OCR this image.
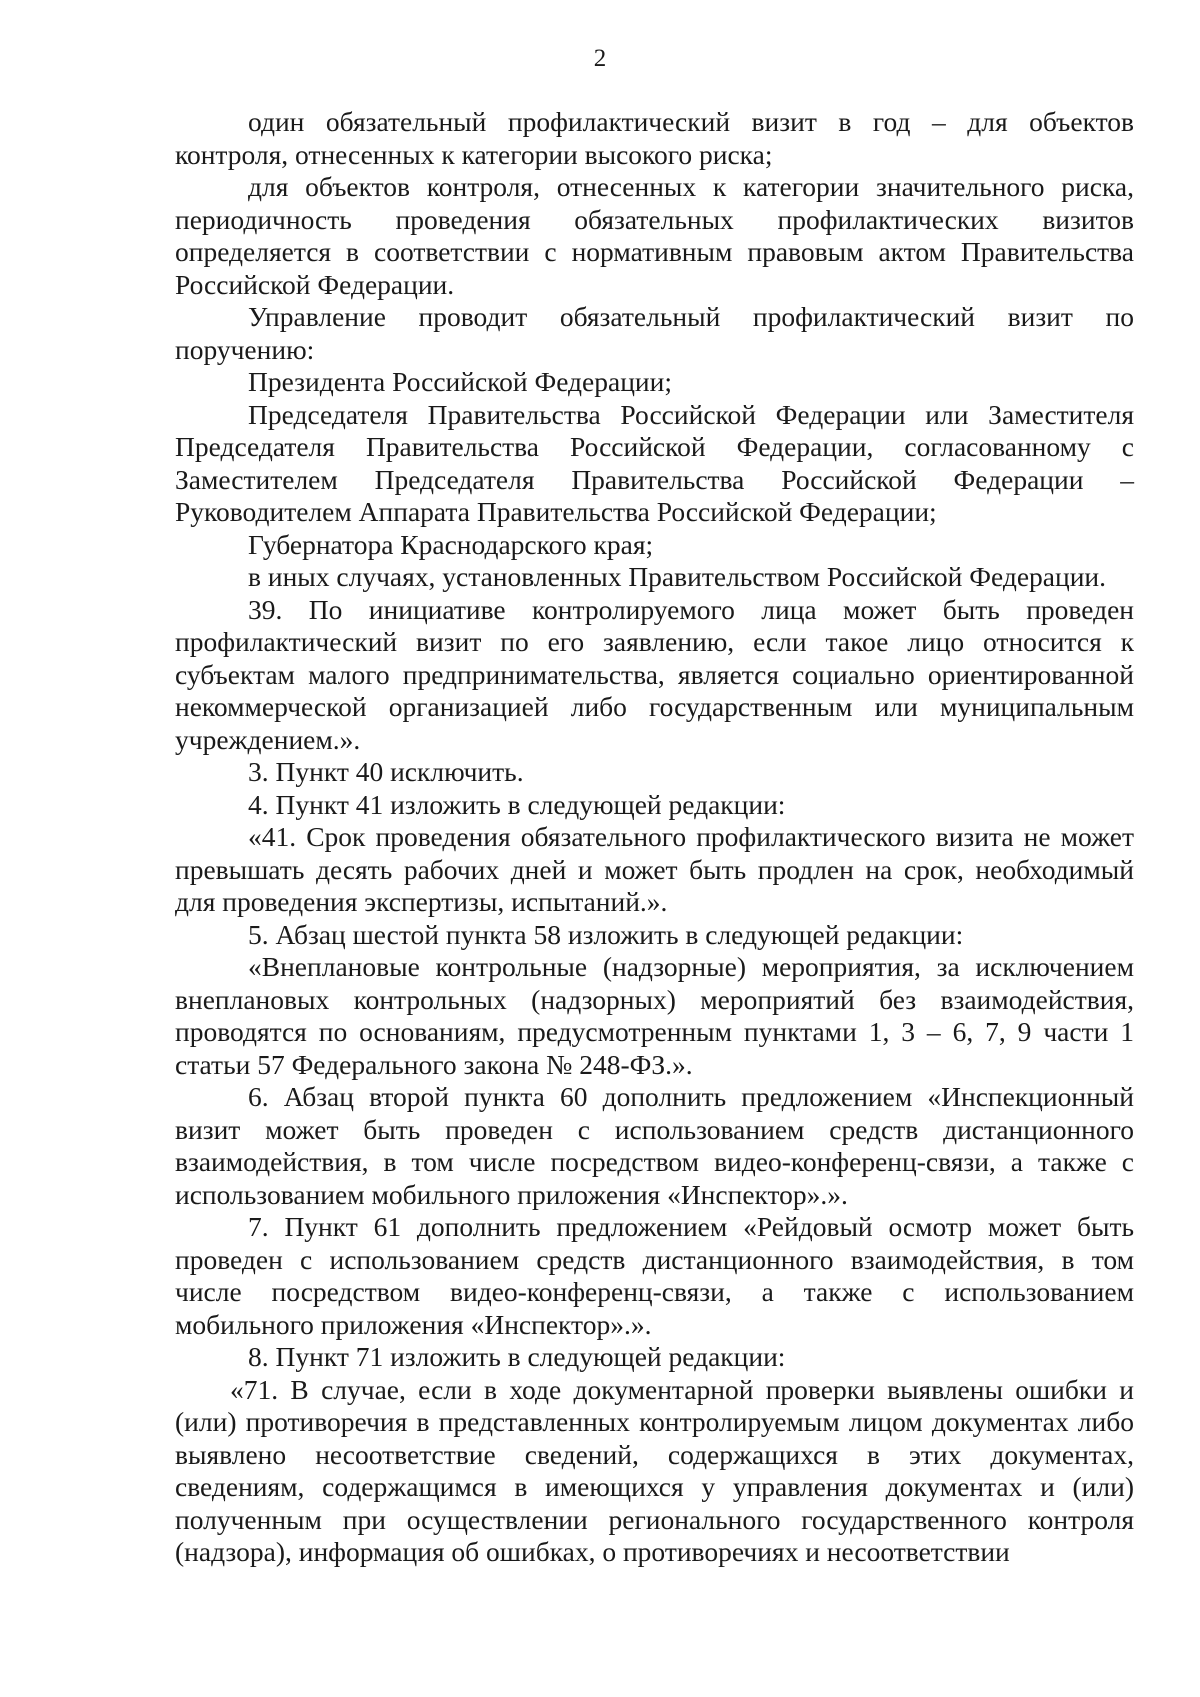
2

один обязательный профилактический визит в год – для объектов контроля, отнесенных к категории высокого риска;

для объектов контроля, отнесенных к категории значительного риска, периодичность проведения обязательных профилактических визитов определяется в соответствии с нормативным правовым актом Правительства Российской Федерации.

Управление проводит обязательный профилактический визит по поручению:

Президента Российской Федерации;

Председателя Правительства Российской Федерации или Заместителя Председателя Правительства Российской Федерации, согласованному с Заместителем Председателя Правительства Российской Федерации – Руководителем Аппарата Правительства Российской Федерации;

Губернатора Краснодарского края;

в иных случаях, установленных Правительством Российской Федерации.

39. По инициативе контролируемого лица может быть проведен профилактический визит по его заявлению, если такое лицо относится к субъектам малого предпринимательства, является социально ориентированной некоммерческой организацией либо государственным или муниципальным учреждением.».

3. Пункт 40 исключить.

4. Пункт 41 изложить в следующей редакции:

«41. Срок проведения обязательного профилактического визита не может превышать десять рабочих дней и может быть продлен на срок, необходимый для проведения экспертизы, испытаний.».

5. Абзац шестой пункта 58 изложить в следующей редакции:

«Внеплановые контрольные (надзорные) мероприятия, за исключением внеплановых контрольных (надзорных) мероприятий без взаимодействия, проводятся по основаниям, предусмотренным пунктами 1, 3 – 6, 7, 9 части 1 статьи 57 Федерального закона № 248-ФЗ.».

6. Абзац второй пункта 60 дополнить предложением «Инспекционный визит может быть проведен с использованием средств дистанционного взаимодействия, в том числе посредством видео-конференц-связи, а также с использованием мобильного приложения «Инспектор».».

7. Пункт 61 дополнить предложением «Рейдовый осмотр может быть проведен с использованием средств дистанционного взаимодействия, в том числе посредством видео-конференц-связи, а также с использованием мобильного приложения «Инспектор».».

8. Пункт 71 изложить в следующей редакции:

«71. В случае, если в ходе документарной проверки выявлены ошибки и (или) противоречия в представленных контролируемым лицом документах либо выявлено несоответствие сведений, содержащихся в этих документах, сведениям, содержащимся в имеющихся у управления документах и (или) полученным при осуществлении регионального государственного контроля (надзора), информация об ошибках, о противоречиях и несоответствии
